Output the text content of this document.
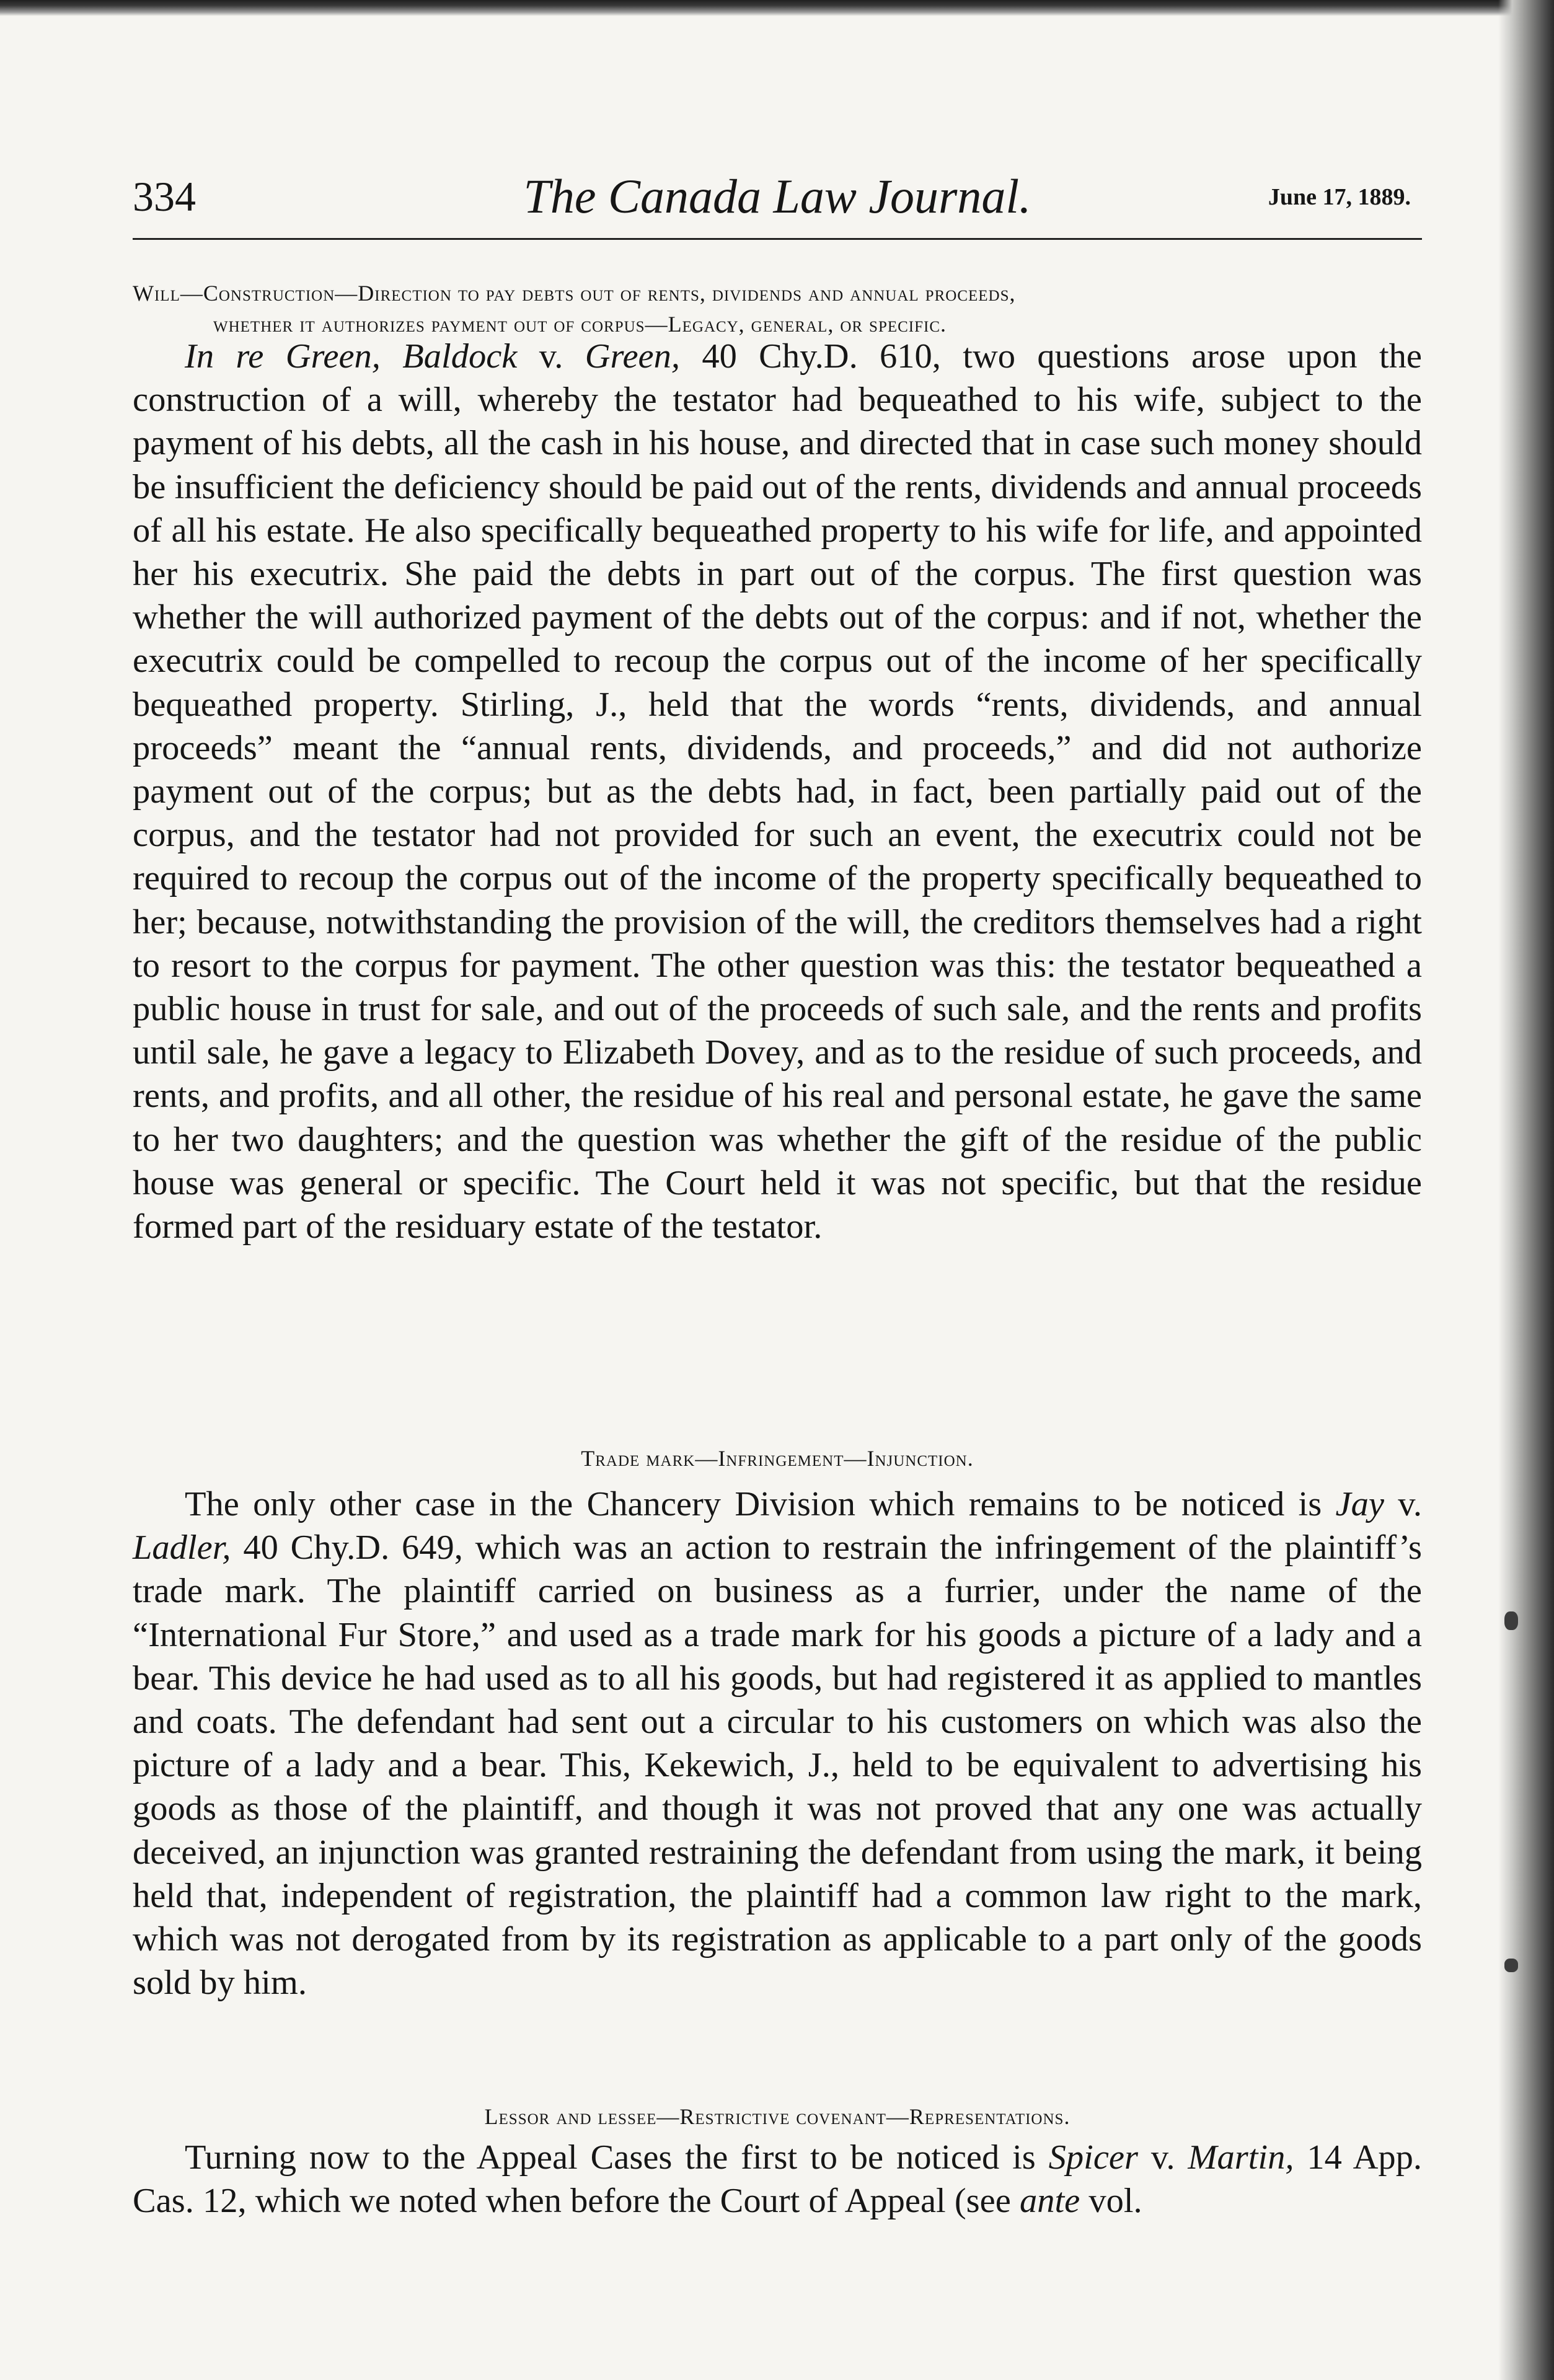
334	The Canada Law Journal.	June 17, 1889.
Will—Construction—Direction to pay debts out of rents, dividends and annual proceeds,
whether it authorizes payment out of corpus—Legacy, general, or specific.

In re Green, Baldock v. Green, 40 Chy.D. 610, two questions arose upon the construction of a will, whereby the testator had bequeathed to his wife, subject to the payment of his debts, all the cash in his house, and directed that in case such money should be insufficient the deficiency should be paid out of the rents, dividends and annual proceeds of all his estate. He also specifically bequeathed property to his wife for life, and appointed her his executrix. She paid the debts in part out of the corpus. The first question was whether the will authorized payment of the debts out of the corpus: and if not, whether the executrix could be compelled to recoup the corpus out of the income of her specifically bequeathed property. Stirling, J., held that the words “rents, dividends, and annual proceeds” meant the “annual rents, dividends, and proceeds,” and did not authorize payment out of the corpus; but as the debts had, in fact, been partially paid out of the corpus, and the testator had not provided for such an event, the executrix could not be required to recoup the corpus out of the income of the property specifically bequeathed to her; because, notwithstanding the provision of the will, the creditors themselves had a right to resort to the corpus for payment. The other question was this: the testator bequeathed a public house in trust for sale, and out of the proceeds of such sale, and the rents and profits until sale, he gave a legacy to Elizabeth Dovey, and as to the residue of such proceeds, and rents, and profits, and all other, the residue of his real and personal estate, he gave the same to her two daughters; and the question was whether the gift of the residue of the public house was general or specific. The Court held it was not specific, but that the residue formed part of the residuary estate of the testator.

Trade mark—Infringement—Injunction.

The only other case in the Chancery Division which remains to be noticed is Jay v. Ladler, 40 Chy.D. 649, which was an action to restrain the infringement of the plaintiff’s trade mark. The plaintiff carried on business as a furrier, under the name of the “International Fur Store,” and used as a trade mark for his goods a picture of a lady and a bear. This device he had used as to all his goods, but had registered it as applied to mantles and coats. The defendant had sent out a circular to his customers on which was also the picture of a lady and a bear. This, Kekewich, J., held to be equivalent to advertising his goods as those of the plaintiff, and though it was not proved that any one was actually deceived, an injunction was granted restraining the defendant from using the mark, it being held that, independent of registration, the plaintiff had a common law right to the mark, which was not derogated from by its registration as applicable to a part only of the goods sold by him.

Lessor and lessee—Restrictive covenant—Representations.

Turning now to the Appeal Cases the first to be noticed is Spicer v. Martin, 14 App. Cas. 12, which we noted when before the Court of Appeal (see ante vol.
